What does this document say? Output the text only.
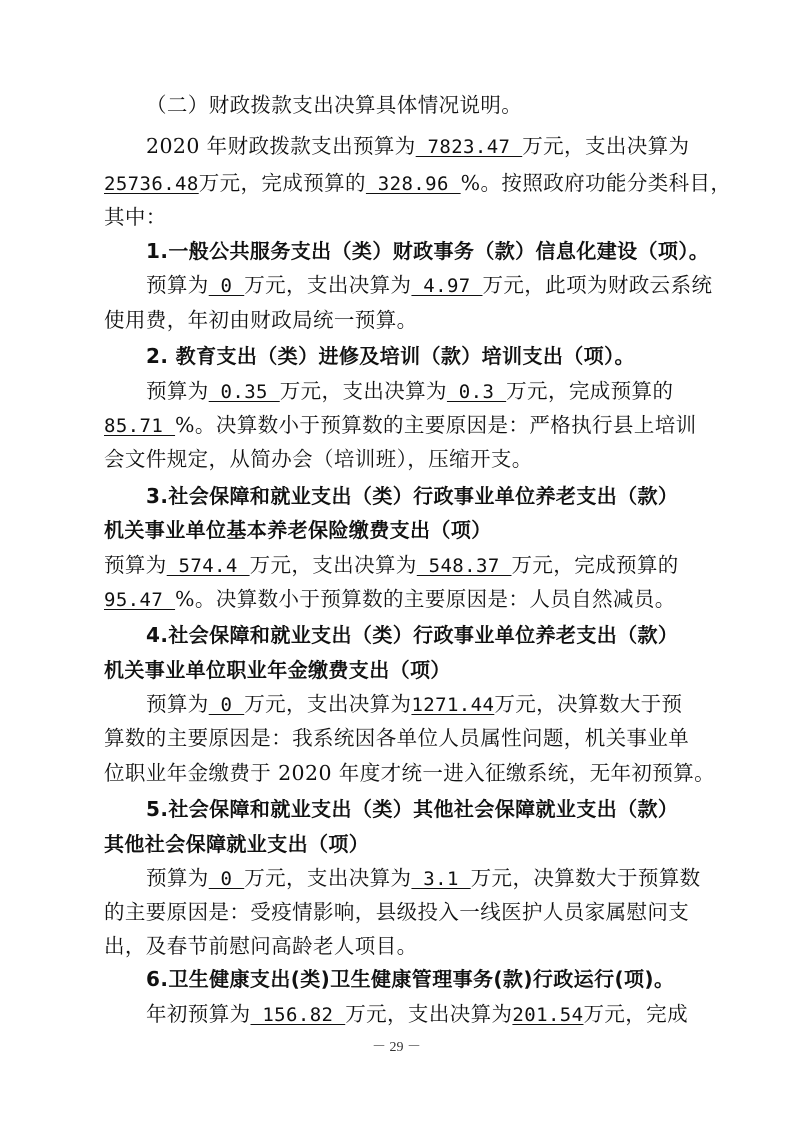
（二）财政拨款支出决算具体情况说明。
2020 年财政拨款支出预算为 7823.47 万元，支出决算为
25736.48万元，完成预算的 328.96 %。按照政府功能分类科目，
其中：
1.一般公共服务支出（类）财政事务（款）信息化建设（项）。
预算为 0 万元，支出决算为 4.97 万元，此项为财政云系统
使用费，年初由财政局统一预算。
2. 教育支出（类）进修及培训（款）培训支出（项）。
预算为 0.35 万元，支出决算为 0.3 万元，完成预算的
85.71 %。决算数小于预算数的主要原因是：严格执行县上培训
会文件规定，从简办会（培训班），压缩开支。
3.社会保障和就业支出（类）行政事业单位养老支出（款）
机关事业单位基本养老保险缴费支出（项）
预算为 574.4 万元，支出决算为 548.37 万元，完成预算的
95.47 %。决算数小于预算数的主要原因是：人员自然减员。
4.社会保障和就业支出（类）行政事业单位养老支出（款）
机关事业单位职业年金缴费支出（项）
预算为 0 万元，支出决算为1271.44万元，决算数大于预
算数的主要原因是：我系统因各单位人员属性问题，机关事业单
位职业年金缴费于 2020 年度才统一进入征缴系统，无年初预算。
5.社会保障和就业支出（类）其他社会保障就业支出（款）
其他社会保障就业支出（项）
预算为 0 万元，支出决算为 3.1 万元，决算数大于预算数
的主要原因是：受疫情影响，县级投入一线医护人员家属慰问支
出，及春节前慰问高龄老人项目。
6.卫生健康支出(类)卫生健康管理事务(款)行政运行(项)。
年初预算为 156.82 万元，支出决算为201.54万元，完成
－ 29 －
